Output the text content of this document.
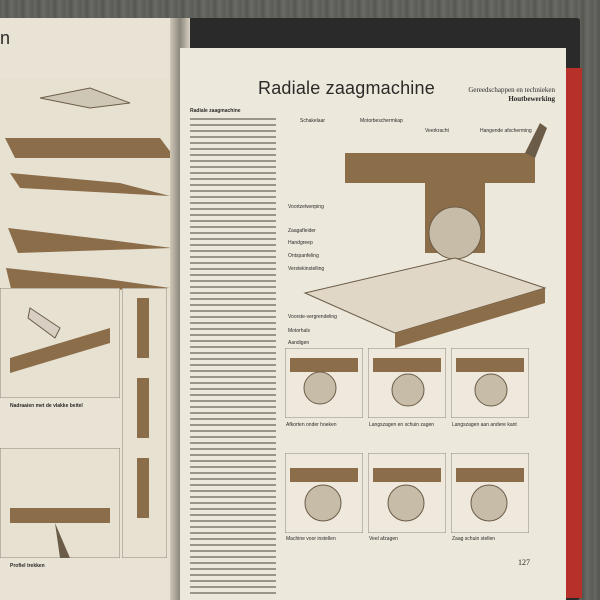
n
Nadraaien met de vlakke beitel
Profiel trekken
Radiale zaagmachine	Gereedschappen en technieken
Houtbewerking
Radiale zaagmachine
Schakelaar	Motorbeschermkap
Veerkracht	Hangende afscherming
Voortzetwerping
Zaagafleider
Handgreep
Ontspanfeling
Verstekinstelling
Voorste-vergrendeling
Motorhals
Aandigen
Afkorten onder hoeken	Langszagen en schuin zagen	Langszagen aan andere kant
Machine voor instellen	Veel afzagen	Zaag schuin stellen
127
